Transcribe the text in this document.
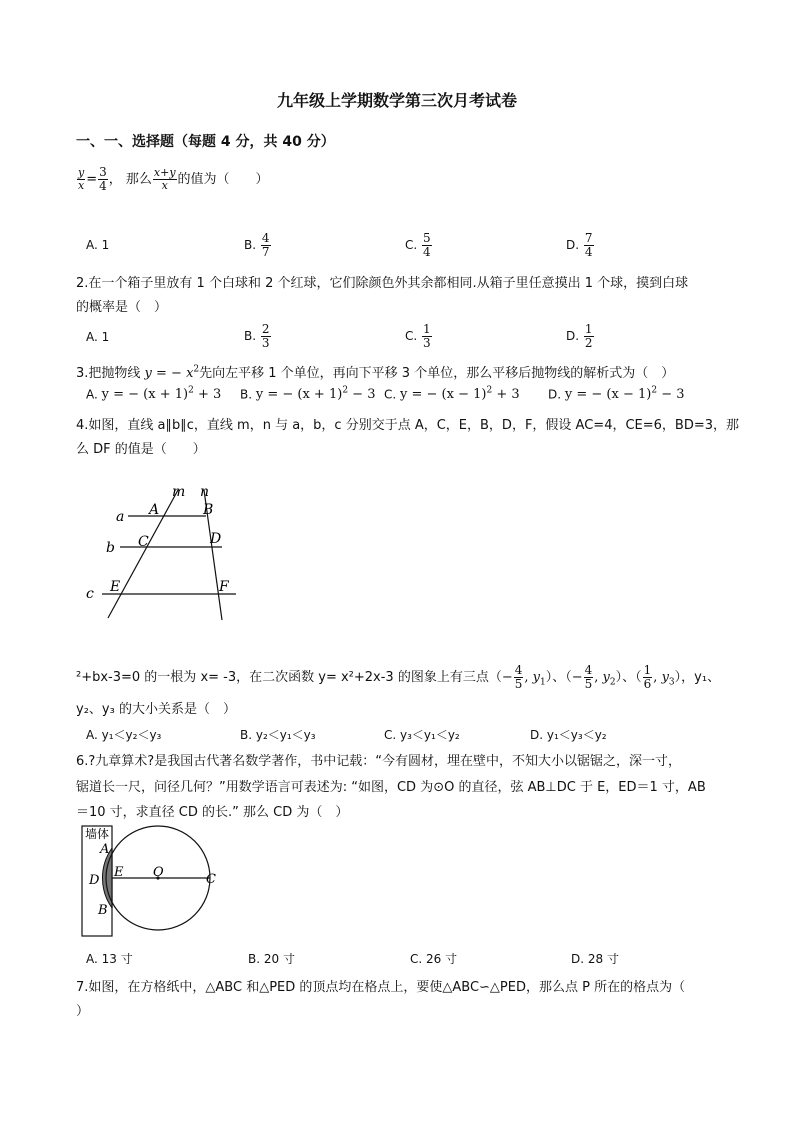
九年级上学期数学第三次月考试卷
一、一、选择题（每题 4 分，共 40 分）
$\frac{y}{x} = \frac{3}{4}$ ， 那么 $\frac{x+y}{x}$ 的值为（　　）
A. 1	B. $\frac{4}{7}$	C. $\frac{5}{4}$	D. $\frac{7}{4}$
2.在一个箱子里放有 1 个白球和 2 个红球，它们除颜色外其余都相同.从箱子里任意摸出 1 个球，摸到白球
的概率是（　）
A. 1	B. $\frac{2}{3}$	C. $\frac{1}{3}$	D. $\frac{1}{2}$
3.把抛物线 y = − $x^2$先向左平移 1 个单位，再向下平移 3 个单位，那么平移后抛物线的解析式为（　）
A. y = − $(x + 1)^2 + 3$ B. y = − $(x + 1)^2 - 3$ C. y = − $(x - 1)^2 + 3$ D. y = − $(x - 1)^2 - 3$
4.如图，直线 a∥b∥c，直线 m，n 与 a，b，c 分别交于点 A，C，E，B，D，F，假设 AC=4，CE=6，BD=3，那
么 DF 的值是（　　）
m n
a
b
c
A	B
C	D
E	F
²+bx-3=0 的一根为 x= -3，在二次函数 y= x²+2x-3 的图象上有三点（− $\frac{4}{5}$ , $y_1$）、（− $\frac{4}{5}$ , $y_2$）、（ $\frac{1}{6}$ , $y_3$），y₁、
y₂、y₃ 的大小关系是（　）
A. y₁＜y₂＜y₃	B. y₂＜y₁＜y₃	C. y₃＜y₁＜y₂	D. y₁＜y₃＜y₂
6.?九章算术?是我国古代著名数学著作，书中记载：“今有圆材，埋在壁中，不知大小以锯锯之，深一寸，
锯道长一尺，问径几何？”用数学语言可表述为: “如图，CD 为⊙O 的直径，弦 AB⊥DC 于 E，ED＝1 寸，AB
＝10 寸，求直径 CD 的长.” 那么 CD 为（　）
墙体
A
D
E O	C
B
A. 13 寸	B. 20 寸	C. 26 寸	D. 28 寸
7.如图，在方格纸中，△ABC 和△PED 的顶点均在格点上，要使△ABC∽△PED，那么点 P 所在的格点为（
）
